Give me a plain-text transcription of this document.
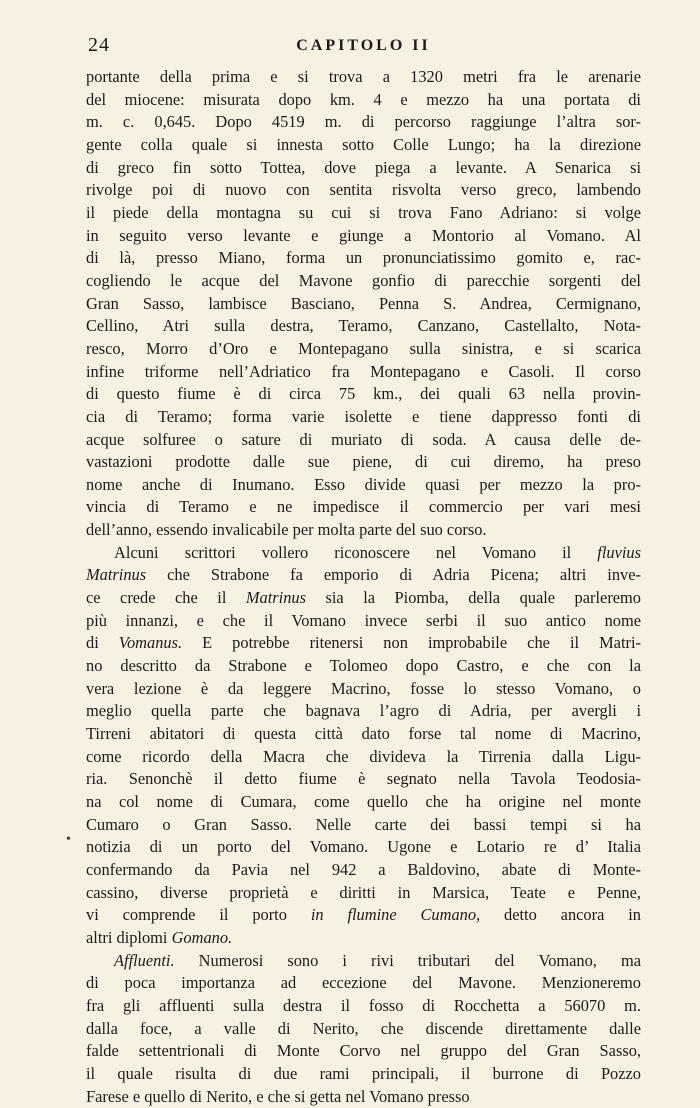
24	CAPITOLO II
•

portante della prima e si trova a 1320 metri fra le arenarie
del miocene: misurata dopo km. 4 e mezzo ha una portata di
m. c. 0,645. Dopo 4519 m. di percorso raggiunge l’altra sor-
gente colla quale si innesta sotto Colle Lungo; ha la direzione
di greco fin sotto Tottea, dove piega a levante. A Senarica si
rivolge poi di nuovo con sentita risvolta verso greco, lambendo
il piede della montagna su cui si trova Fano Adriano: si volge
in seguito verso levante e giunge a Montorio al Vomano. Al
di là, presso Miano, forma un pronunciatissimo gomito e, rac-
cogliendo le acque del Mavone gonfio di parecchie sorgenti del
Gran Sasso, lambisce Basciano, Penna S. Andrea, Cermignano,
Cellino, Atri sulla destra, Teramo, Canzano, Castellalto, Nota-
resco, Morro d’Oro e Montepagano sulla sinistra, e si scarica
infine triforme nell’Adriatico fra Montepagano e Casoli. Il corso
di questo fiume è di circa 75 km., dei quali 63 nella provin-
cia di Teramo; forma varie isolette e tiene dappresso fonti di
acque solfuree o sature di muriato di soda. A causa delle de-
vastazioni prodotte dalle sue piene, di cui diremo, ha preso
nome anche di Inumano. Esso divide quasi per mezzo la pro-
vincia di Teramo e ne impedisce il commercio per vari mesi
dell’anno, essendo invalicabile per molta parte del suo corso.

Alcuni scrittori vollero riconoscere nel Vomano il fluvius
Matrinus che Strabone fa emporio di Adria Picena; altri inve-
ce crede che il Matrinus sia la Piomba, della quale parleremo
più innanzi, e che il Vomano invece serbi il suo antico nome
di Vomanus. E potrebbe ritenersi non improbabile che il Matri-
no descritto da Strabone e Tolomeo dopo Castro, e che con la
vera lezione è da leggere Macrino, fosse lo stesso Vomano, o
meglio quella parte che bagnava l’agro di Adria, per avergli i
Tirreni abitatori di questa città dato forse tal nome di Macrino,
come ricordo della Macra che divideva la Tirrenia dalla Ligu-
ria. Senonchè il detto fiume è segnato nella Tavola Teodosia-
na col nome di Cumara, come quello che ha origine nel monte
Cumaro o Gran Sasso. Nelle carte dei bassi tempi si ha
notizia di un porto del Vomano. Ugone e Lotario re d’ Italia
confermando da Pavia nel 942 a Baldovino, abate di Monte-
cassino, diverse proprietà e diritti in Marsica, Teate e Penne,
vi comprende il porto in flumine Cumano, detto ancora in
altri diplomi Gomano.

Affluenti. Numerosi sono i rivi tributari del Vomano, ma
di poca importanza ad eccezione del Mavone. Menzioneremo
fra gli affluenti sulla destra il fosso di Rocchetta a 56070 m.
dalla foce, a valle di Nerito, che discende direttamente dalle
falde settentrionali di Monte Corvo nel gruppo del Gran Sasso,
il quale risulta di due rami principali, il burrone di Pozzo
Farese e quello di Nerito, e che si getta nel Vomano presso
